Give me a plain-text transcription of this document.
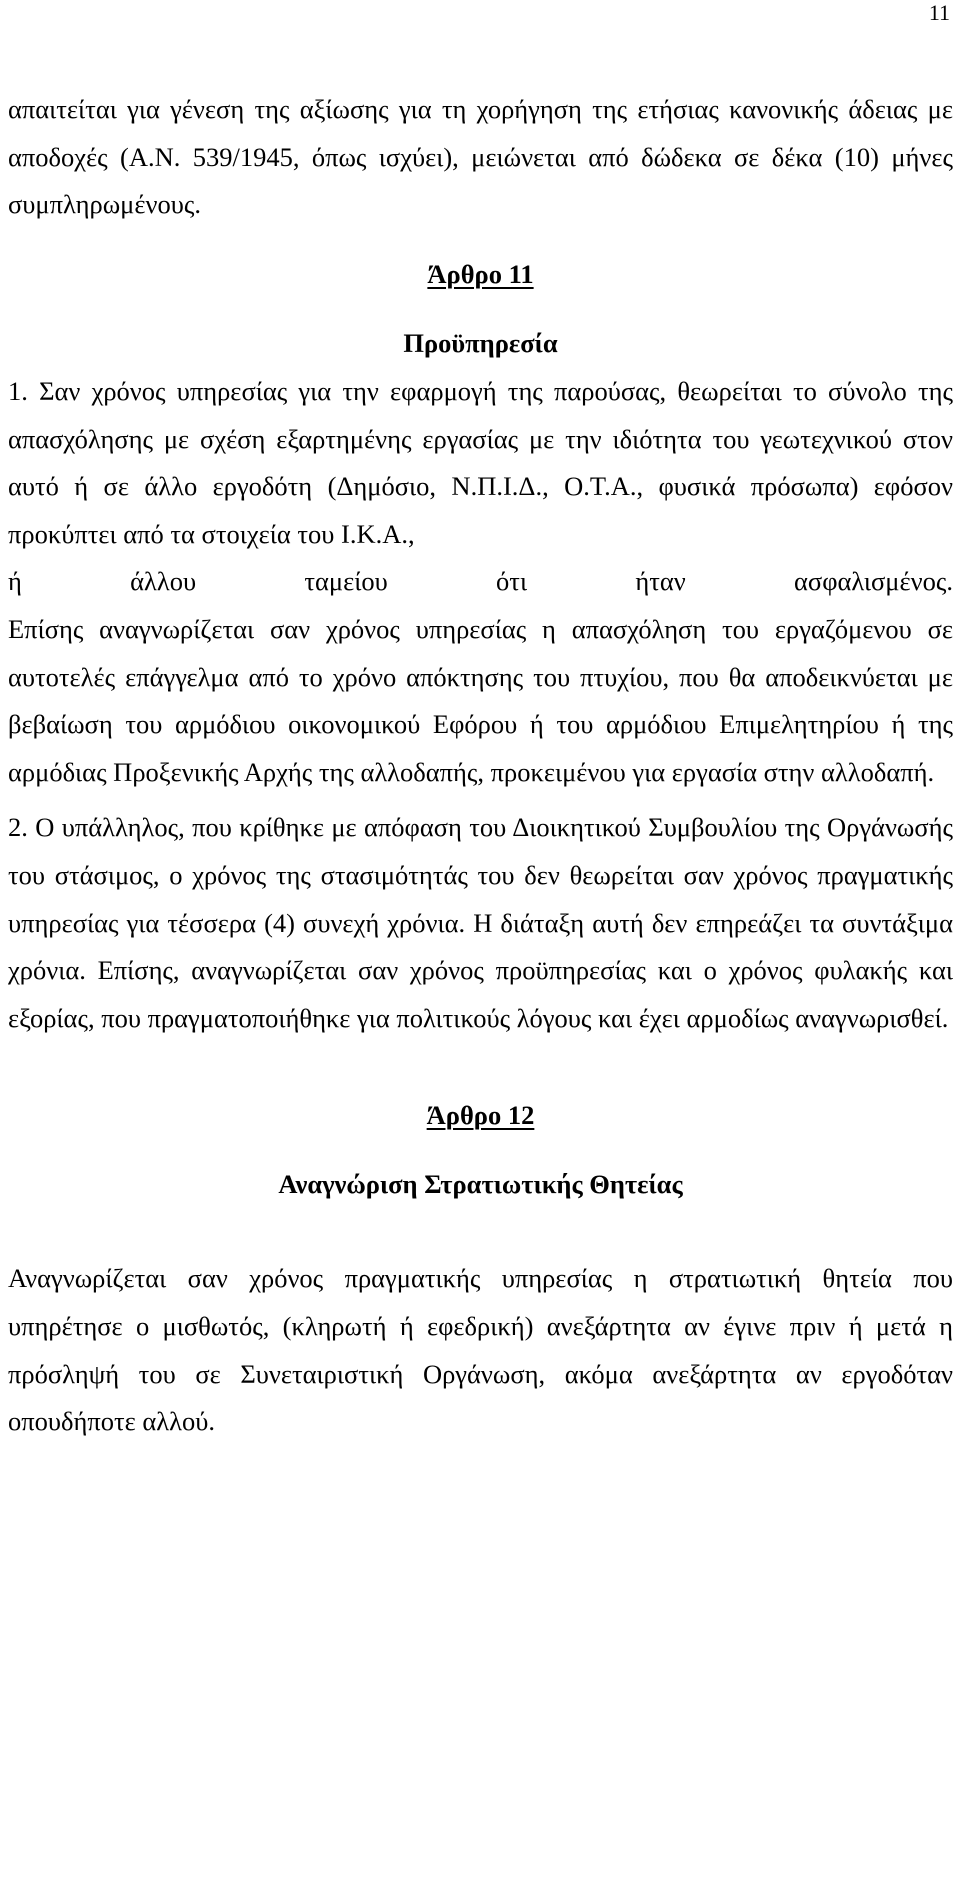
11

απαιτείται για γένεση της αξίωσης για τη χορήγηση της ετήσιας κανονικής άδειας με αποδοχές (Α.Ν. 539/1945, όπως ισχύει), μειώνεται από δώδεκα σε δέκα (10) μήνες συμπληρωμένους.

Άρθρο 11

Προϋπηρεσία

1. Σαν χρόνος υπηρεσίας για την εφαρμογή της παρούσας, θεωρείται το σύνολο της απασχόλησης με σχέση εξαρτημένης εργασίας με την ιδιότητα του γεωτεχνικού στον αυτό ή σε άλλο εργοδότη (Δημόσιο, Ν.Π.Ι.Δ., Ο.Τ.Α., φυσικά πρόσωπα) εφόσον προκύπτει από τα στοιχεία του Ι.Κ.Α.,

ή άλλου ταμείου ότι ήταν ασφαλισμένος.

Επίσης αναγνωρίζεται σαν χρόνος υπηρεσίας η απασχόληση του εργαζόμενου σε αυτοτελές επάγγελμα από το χρόνο απόκτησης του πτυχίου, που θα αποδεικνύεται με βεβαίωση του αρμόδιου οικονομικού Εφόρου ή του αρμόδιου Επιμελητηρίου ή της αρμόδιας Προξενικής Αρχής της αλλοδαπής, προκειμένου για εργασία στην αλλοδαπή.

2. Ο υπάλληλος, που κρίθηκε με απόφαση του Διοικητικού Συμβουλίου της Οργάνωσής του στάσιμος, ο χρόνος της στασιμότητάς του δεν θεωρείται σαν χρόνος πραγματικής υπηρεσίας για τέσσερα (4) συνεχή χρόνια. Η διάταξη αυτή δεν επηρεάζει τα συντάξιμα χρόνια. Επίσης, αναγνωρίζεται σαν χρόνος προϋπηρεσίας και ο χρόνος φυλακής και εξορίας, που πραγματοποιήθηκε για πολιτικούς λόγους και έχει αρμοδίως αναγνωρισθεί.

Άρθρο 12

Αναγνώριση Στρατιωτικής Θητείας

Αναγνωρίζεται σαν χρόνος πραγματικής υπηρεσίας η στρατιωτική θητεία που υπηρέτησε ο μισθωτός, (κληρωτή ή εφεδρική) ανεξάρτητα αν έγινε πριν ή μετά η πρόσληψή του σε Συνεταιριστική Οργάνωση, ακόμα ανεξάρτητα αν εργοδόταν οπουδήποτε αλλού.
